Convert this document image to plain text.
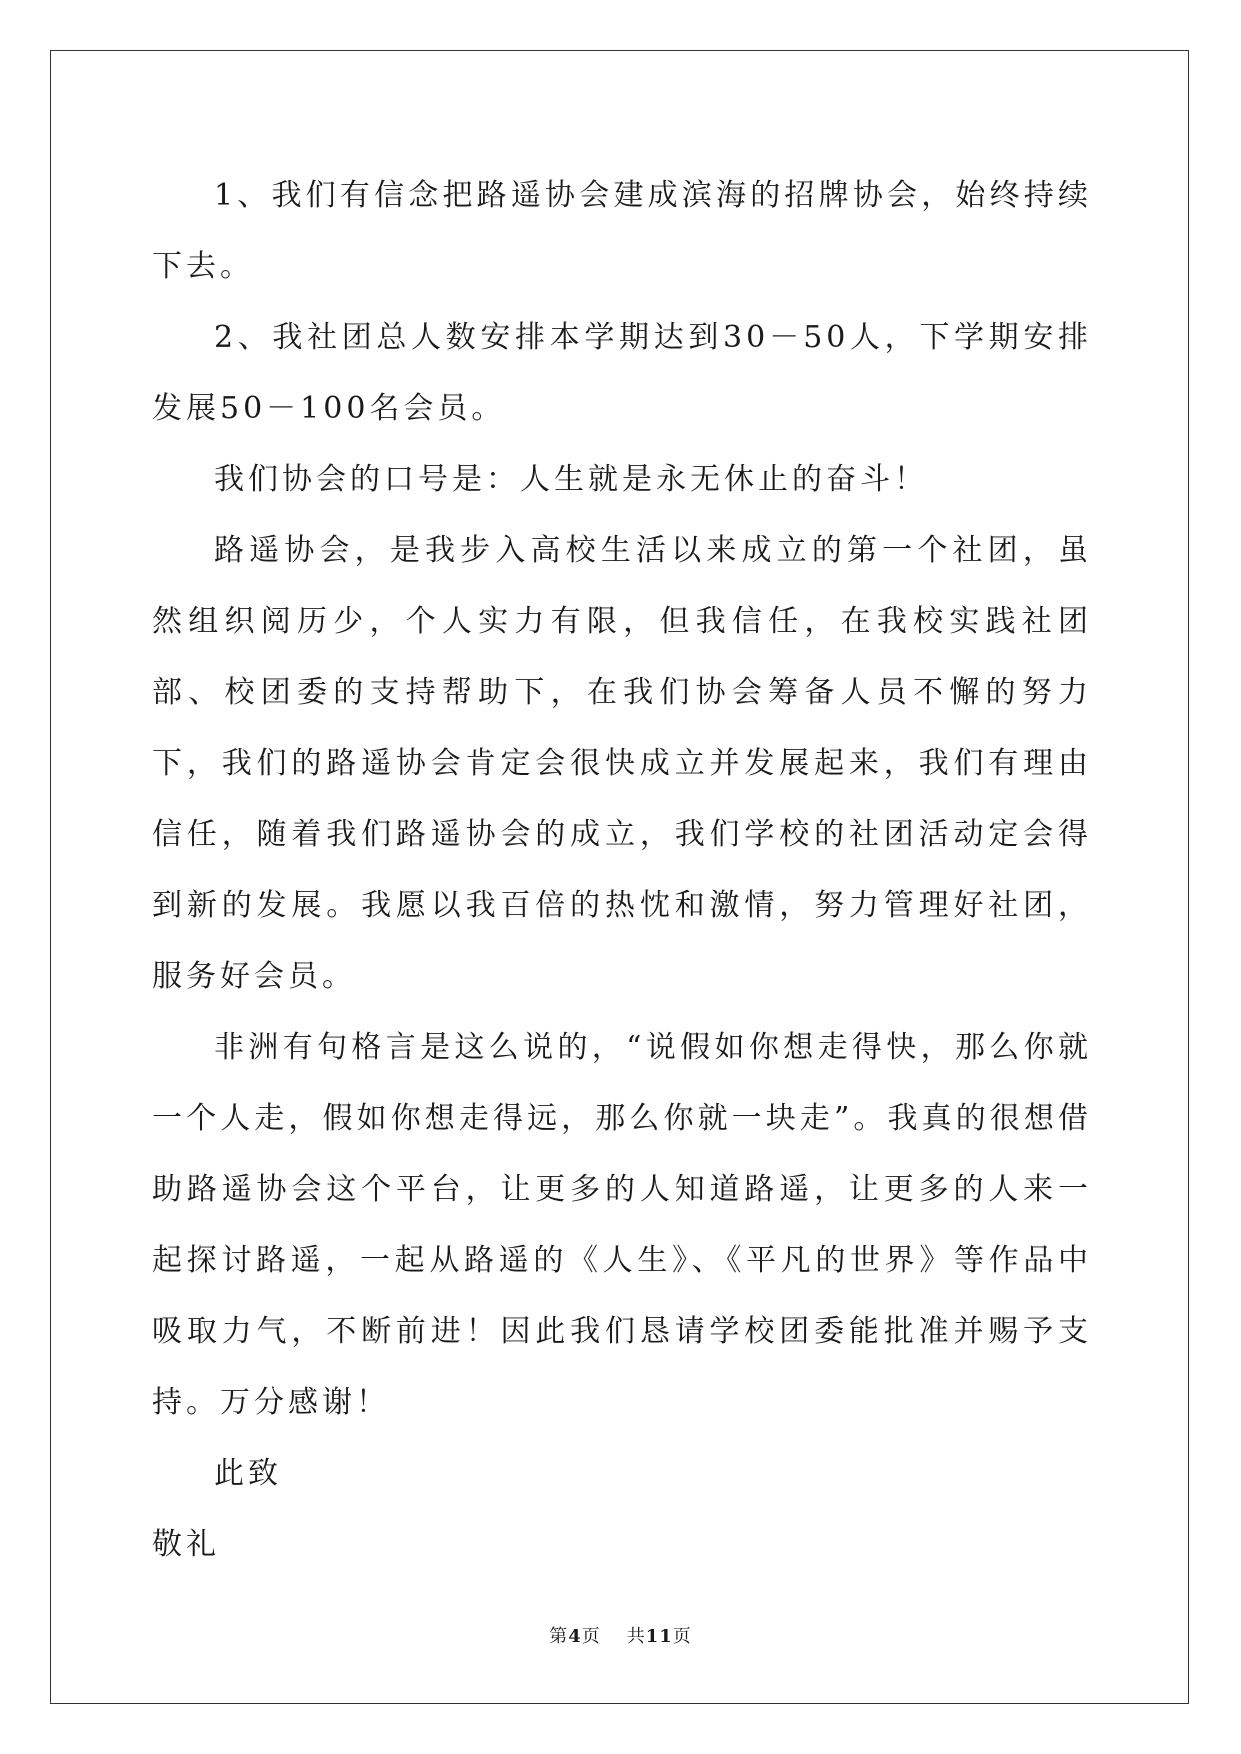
1、我们有信念把路遥协会建成滨海的招牌协会，始终持续下去。

2、我社团总人数安排本学期达到30－50人，下学期安排发展50－100名会员。

我们协会的口号是：人生就是永无休止的奋斗！

路遥协会，是我步入高校生活以来成立的第一个社团，虽然组织阅历少，个人实力有限，但我信任，在我校实践社团部、校团委的支持帮助下，在我们协会筹备人员不懈的努力下，我们的路遥协会肯定会很快成立并发展起来，我们有理由信任，随着我们路遥协会的成立，我们学校的社团活动定会得到新的发展。我愿以我百倍的热忱和激情，努力管理好社团，服务好会员。

非洲有句格言是这么说的，“说假如你想走得快，那么你就一个人走，假如你想走得远，那么你就一块走”。我真的很想借助路遥协会这个平台，让更多的人知道路遥，让更多的人来一起探讨路遥，一起从路遥的《人生》、《平凡的世界》等作品中吸取力气，不断前进！因此我们恳请学校团委能批准并赐予支持。万分感谢！

此致

敬礼

第4页 共11页
